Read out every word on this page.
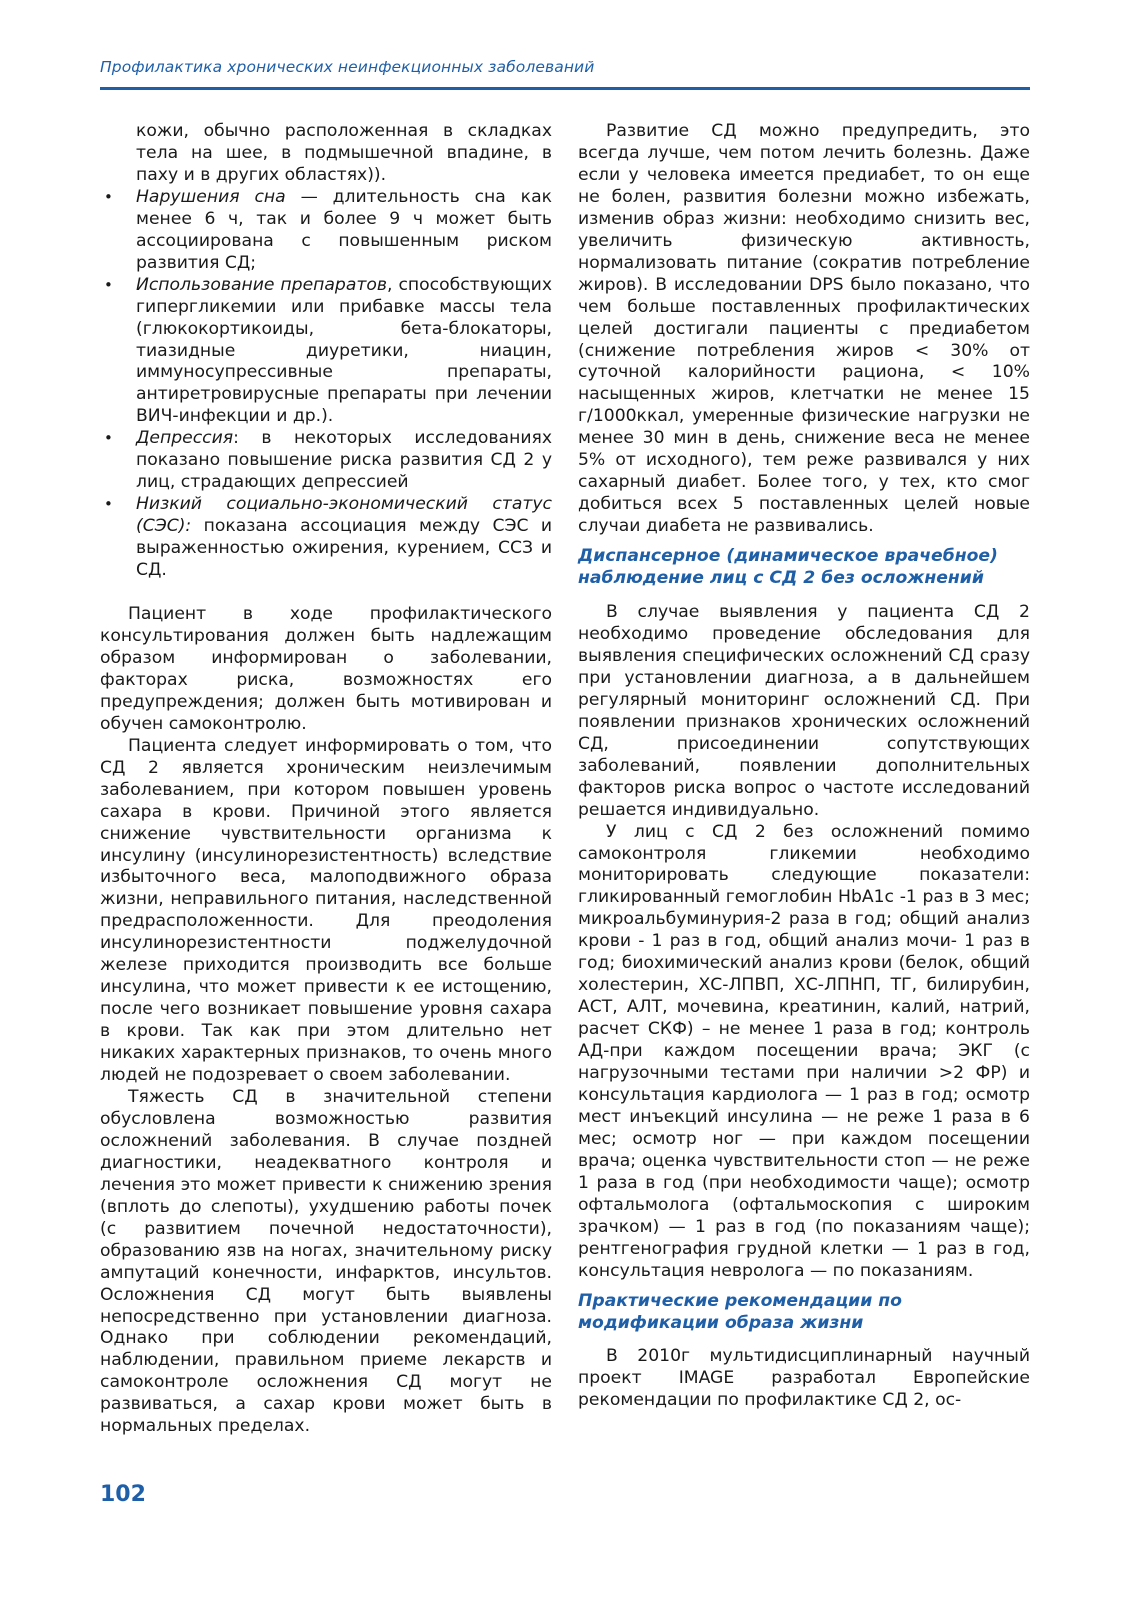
Профилактика хронических неинфекционных заболеваний

кожи, обычно расположенная в складках тела на шее, в подмышечной впадине, в паху и в других областях)).

• Нарушения сна — длительность сна как менее 6 ч, так и более 9 ч может быть ассоциирована с повышенным риском развития СД;
• Использование препаратов, способствующих гипергликемии или прибавке массы тела (глюкокортикоиды, бета-блокаторы, тиазидные диуретики, ниацин, иммуносупрессивные препараты, антиретровирусные препараты при лечении ВИЧ-инфекции и др.).
• Депрессия: в некоторых исследованиях показано повышение риска развития СД 2 у лиц, страдающих депрессией
• Низкий социально-экономический статус (СЭС): показана ассоциация между СЭС и выраженностью ожирения, курением, ССЗ и СД.

Пациент в ходе профилактического консультирования должен быть надлежащим образом информирован о заболевании, факторах риска, возможностях его предупреждения; должен быть мотивирован и обучен самоконтролю.

Пациента следует информировать о том, что СД 2 является хроническим неизлечимым заболеванием, при котором повышен уровень сахара в крови. Причиной этого является снижение чувствительности организма к инсулину (инсулинорезистентность) вследствие избыточного веса, малоподвижного образа жизни, неправильного питания, наследственной предрасположенности. Для преодоления инсулинорезистентности поджелудочной железе приходится производить все больше инсулина, что может привести к ее истощению, после чего возникает повышение уровня сахара в крови. Так как при этом длительно нет никаких характерных признаков, то очень много людей не подозревает о своем заболевании.

Тяжесть СД в значительной степени обусловлена возможностью развития осложнений заболевания. В случае поздней диагностики, неадекватного контроля и лечения это может привести к снижению зрения (вплоть до слепоты), ухудшению работы почек (с развитием почечной недостаточности), образованию язв на ногах, значительному риску ампутаций конечности, инфарктов, инсультов. Осложнения СД могут быть выявлены непосредственно при установлении диагноза. Однако при соблюдении рекомендаций, наблюдении, правильном приеме лекарств и самоконтроле осложнения СД могут не развиваться, а сахар крови может быть в нормальных пределах.

Развитие СД можно предупредить, это всегда лучше, чем потом лечить болезнь. Даже если у человека имеется предиабет, то он еще не болен, развития болезни можно избежать, изменив образ жизни: необходимо снизить вес, увеличить физическую активность, нормализовать питание (сократив потребление жиров). В исследовании DPS было показано, что чем больше поставленных профилактических целей достигали пациенты с предиабетом (снижение потребления жиров < 30% от суточной калорийности рациона, < 10% насыщенных жиров, клетчатки не менее 15 г/1000ккал, умеренные физические нагрузки не менее 30 мин в день, снижение веса не менее 5% от исходного), тем реже развивался у них сахарный диабет. Более того, у тех, кто смог добиться всех 5 поставленных целей новые случаи диабета не развивались.

Диспансерное (динамическое врачебное) наблюдение лиц с СД 2 без осложнений

В случае выявления у пациента СД 2 необходимо проведение обследования для выявления специфических осложнений СД сразу при установлении диагноза, а в дальнейшем регулярный мониторинг осложнений СД. При появлении признаков хронических осложнений СД, присоединении сопутствующих заболеваний, появлении дополнительных факторов риска вопрос о частоте исследований решается индивидуально.

У лиц с СД 2 без осложнений помимо самоконтроля гликемии необходимо мониторировать следующие показатели: гликированный гемоглобин HbA1c -1 раз в 3 мес; микроальбуминурия-2 раза в год; общий анализ крови - 1 раз в год, общий анализ мочи- 1 раз в год; биохимический анализ крови (белок, общий холестерин, ХС-ЛПВП, ХС-ЛПНП, ТГ, билирубин, АСТ, АЛТ, мочевина, креатинин, калий, натрий, расчет СКФ) – не менее 1 раза в год; контроль АД-при каждом посещении врача; ЭКГ (с нагрузочными тестами при наличии >2 ФР) и консультация кардиолога — 1 раз в год; осмотр мест инъекций инсулина — не реже 1 раза в 6 мес; осмотр ног — при каждом посещении врача; оценка чувствительности стоп — не реже 1 раза в год (при необходимости чаще); осмотр офтальмолога (офтальмоскопия с широким зрачком) — 1 раз в год (по показаниям чаще); рентгенография грудной клетки — 1 раз в год, консультация невролога — по показаниям.

Практические рекомендации по модификации образа жизни

В 2010г мультидисциплинарный научный проект IMAGE разработал Европейские рекомендации по профилактике СД 2, ос-

102
